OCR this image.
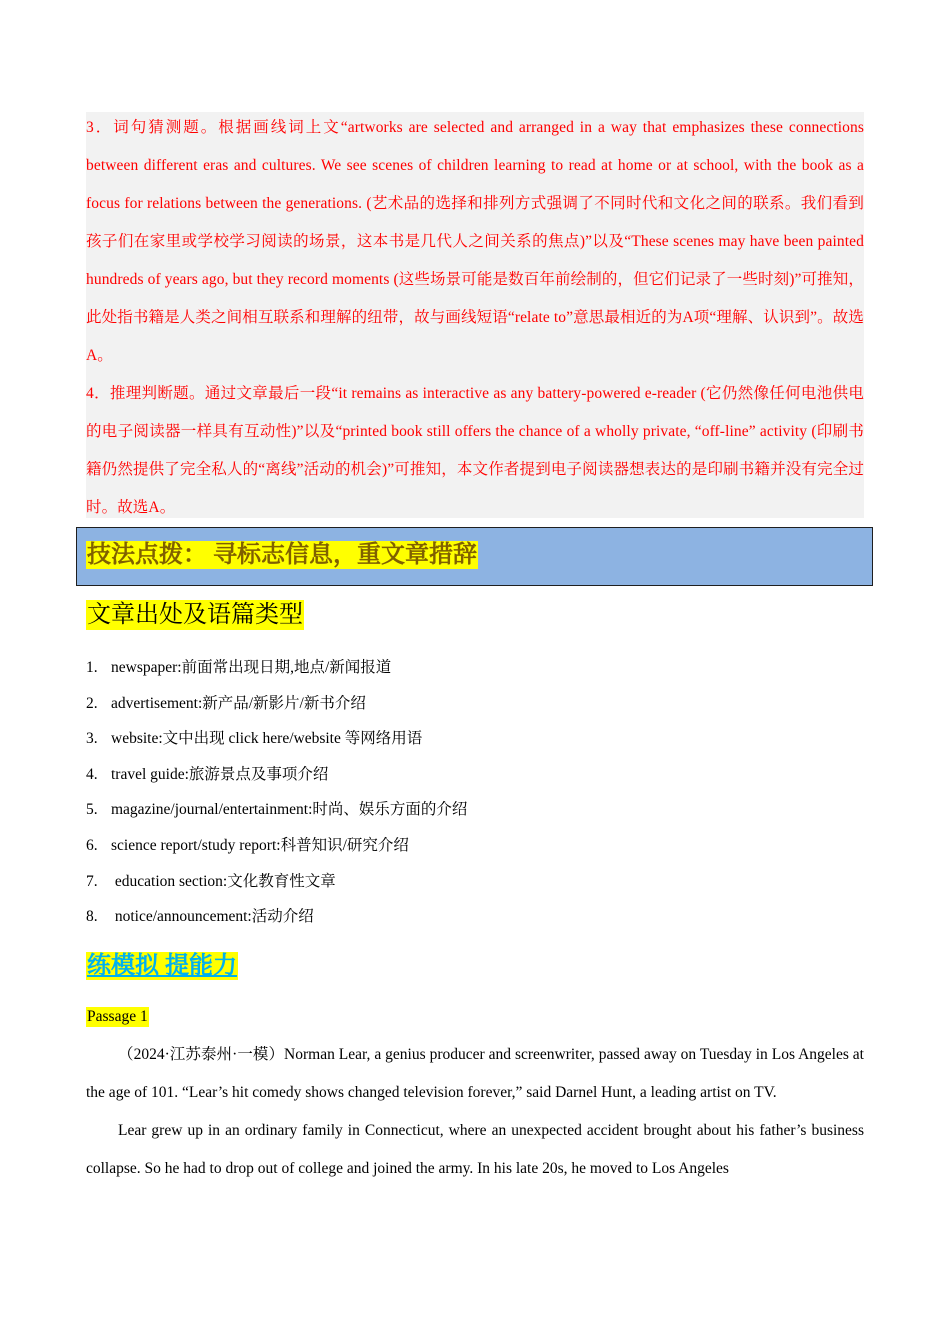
3．词句猜测题。根据画线词上文“artworks are selected and arranged in a way that emphasizes these connections between different eras and cultures. We see scenes of children learning to read at home or at school, with the book as a focus for relations between the generations. (艺术品的选择和排列方式强调了不同时代和文化之间的联系。我们看到孩子们在家里或学校学习阅读的场景，这本书是几代人之间关系的焦点)”以及“These scenes may have been painted hundreds of years ago, but they record moments (这些场景可能是数百年前绘制的，但它们记录了一些时刻)”可推知，此处指书籍是人类之间相互联系和理解的纽带，故与画线短语“relate to”意思最相近的为A项“理解、认识到”。故选A。

4．推理判断题。通过文章最后一段“it remains as interactive as any battery-powered e-reader (它仍然像任何电池供电的电子阅读器一样具有互动性)”以及“printed book still offers the chance of a wholly private, “off-line” activity (印刷书籍仍然提供了完全私人的“离线”活动的机会)”可推知，本文作者提到电子阅读器想表达的是印刷书籍并没有完全过时。故选A。

技法点拨： 寻标志信息，重文章措辞
文章出处及语篇类型
1. newspaper:前面常出现日期,地点/新闻报道
2. advertisement:新产品/新影片/新书介绍
3. website:文中出现 click here/website 等网络用语
4. travel guide:旅游景点及事项介绍
5. magazine/journal/entertainment:时尚、娱乐方面的介绍
6. science report/study report:科普知识/研究介绍
7. education section:文化教育性文章
8. notice/announcement:活动介绍
练模拟 提能力
Passage 1

（2024·江苏泰州·一模）Norman Lear, a genius producer and screenwriter, passed away on Tuesday in Los Angeles at the age of 101. “Lear’s hit comedy shows changed television forever,” said Darnel Hunt, a leading artist on TV.

Lear grew up in an ordinary family in Connecticut, where an unexpected accident brought about his father’s business collapse. So he had to drop out of college and joined the army. In his late 20s, he moved to Los Angeles
